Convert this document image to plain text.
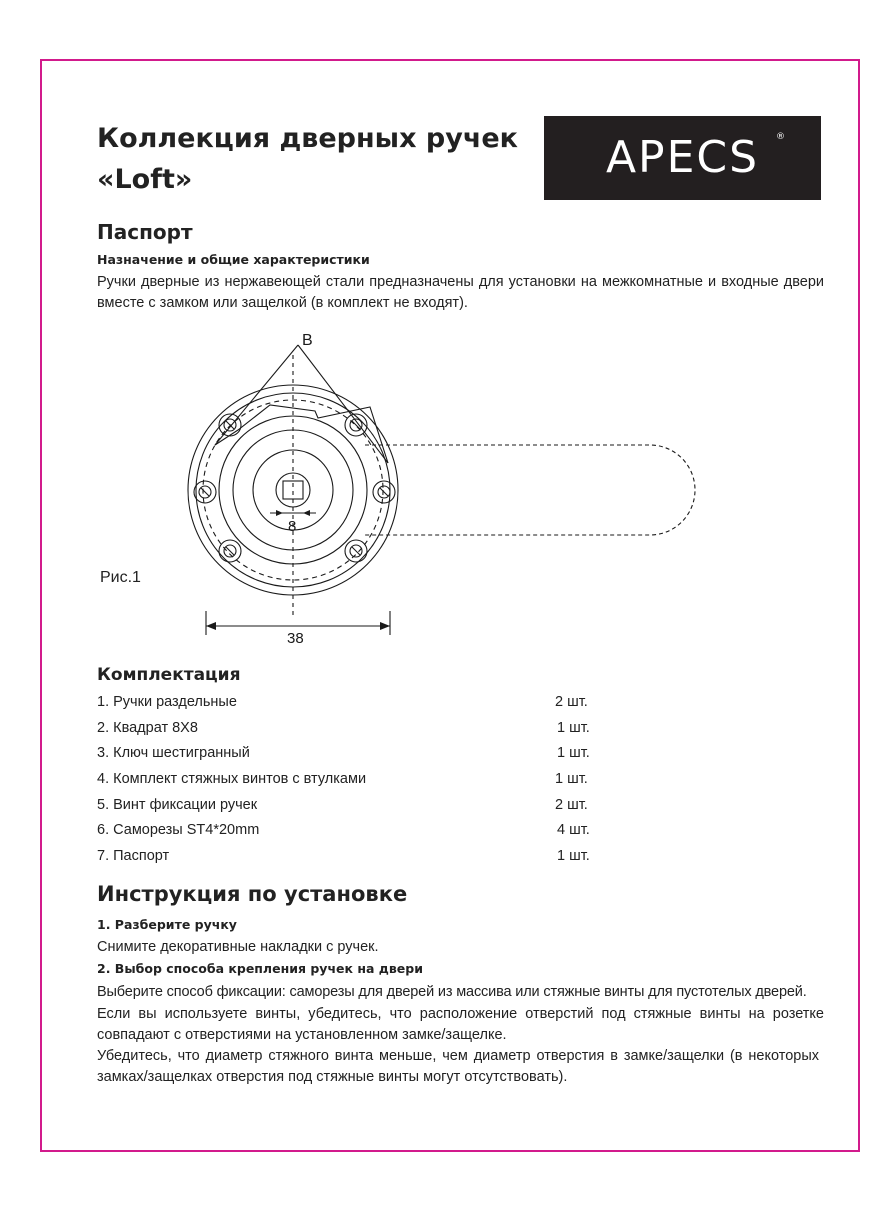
Коллекция дверных ручек
«Loft»	APECS	®
Паспорт
Назначение и общие характеристики

Ручки дверные из нержавеющей стали предназначены для установки на межкомнатные и входные двери вместе с замком или защелкой (в комплект не входят).

B
8
38
Рис.1
Комплектация
1. Ручки раздельные	2 шт.
2. Квадрат 8Х8	1 шт.
3. Ключ шестигранный	1 шт.
4. Комплект стяжных винтов с втулками	1 шт.
5. Винт фиксации ручек	2 шт.
6. Саморезы ST4*20mm	4 шт.
7. Паспорт	1 шт.
Инструкция по установке
1. Разберите ручку

Снимите декоративные накладки с ручек.

2. Выбор способа крепления ручек на двери

Выберите способ фиксации: саморезы для дверей из массива или стяжные винты для пустотелых дверей.

Если вы используете винты, убедитесь, что расположение отверстий под стяжные винты на розетке совпадают с отверстиями на установленном замке/защелке.

Убедитесь, что диаметр стяжного винта меньше, чем диаметр отверстия в замке/защелки (в некоторых замках/защелках отверстия под стяжные винты могут отсутствовать).
